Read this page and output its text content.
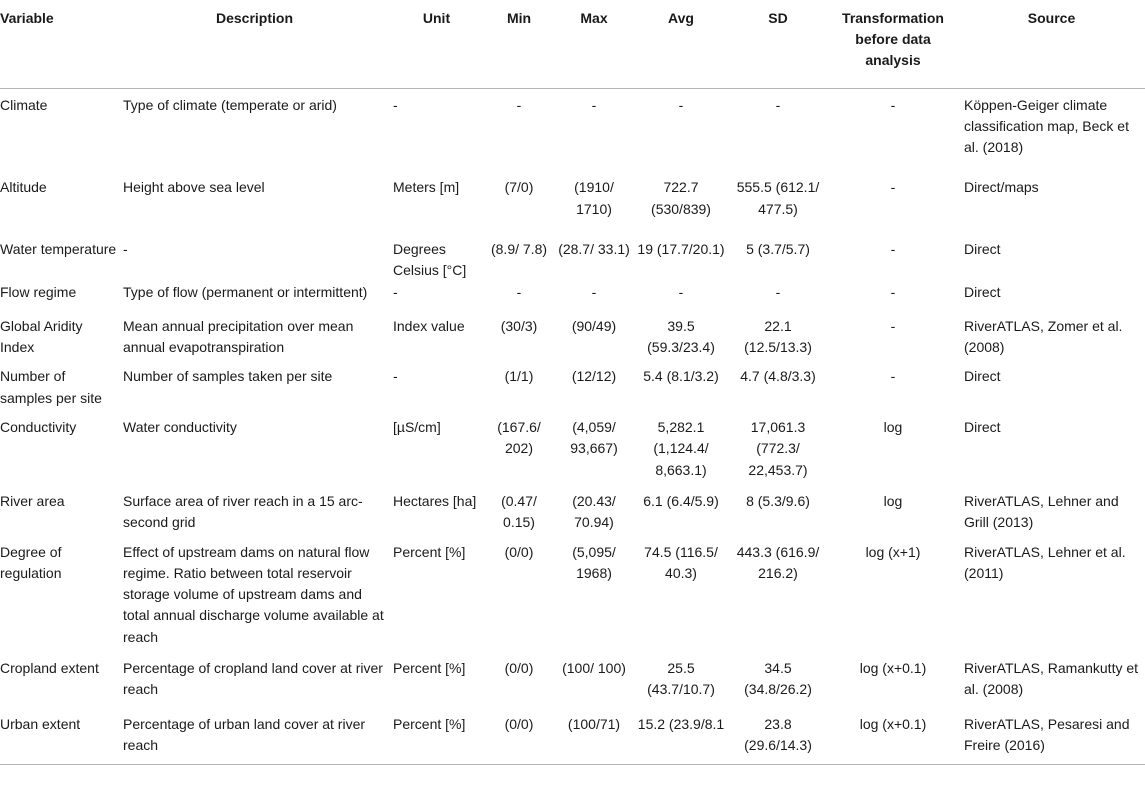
Variable	Description	Unit	Min	Max	Avg	SD	Transformation before data analysis	Source
Climate	Type of climate (temperate or arid)	-	-	-	-	-	-	Köppen-Geiger climate classification map, Beck et al. (2018)
Altitude	Height above sea level	Meters [m]	(7/0)	(1910/ 1710)	722.7 (530/839)	555.5 (612.1/ 477.5)	-	Direct/maps
Water temperature	-	Degrees Celsius [°C]	(8.9/ 7.8)	(28.7/ 33.1)	19 (17.7/20.1)	5 (3.7/5.7)	-	Direct
Flow regime	Type of flow (permanent or intermittent)	-	-	-	-	-	-	Direct
Global Aridity Index	Mean annual precipitation over mean annual evapotranspiration	Index value	(30/3)	(90/49)	39.5 (59.3/23.4)	22.1 (12.5/13.3)	-	RiverATLAS, Zomer et al. (2008)
Number of samples per site	Number of samples taken per site	-	(1/1)	(12/12)	5.4 (8.1/3.2)	4.7 (4.8/3.3)	-	Direct
Conductivity	Water conductivity	[µS/cm]	(167.6/ 202)	(4,059/ 93,667)	5,282.1 (1,124.4/ 8,663.1)	17,061.3 (772.3/ 22,453.7)	log	Direct
River area	Surface area of river reach in a 15 arc-second grid	Hectares [ha]	(0.47/ 0.15)	(20.43/ 70.94)	6.1 (6.4/5.9)	8 (5.3/9.6)	log	RiverATLAS, Lehner and Grill (2013)
Degree of regulation	Effect of upstream dams on natural flow regime. Ratio between total reservoir storage volume of upstream dams and total annual discharge volume available at reach	Percent [%]	(0/0)	(5,095/ 1968)	74.5 (116.5/ 40.3)	443.3 (616.9/ 216.2)	log (x+1)	RiverATLAS, Lehner et al. (2011)
Cropland extent	Percentage of cropland land cover at river reach	Percent [%]	(0/0)	(100/ 100)	25.5 (43.7/10.7)	34.5 (34.8/26.2)	log (x+0.1)	RiverATLAS, Ramankutty et al. (2008)
Urban extent	Percentage of urban land cover at river reach	Percent [%]	(0/0)	(100/71)	15.2 (23.9/8.1	23.8 (29.6/14.3)	log (x+0.1)	RiverATLAS, Pesaresi and Freire (2016)
